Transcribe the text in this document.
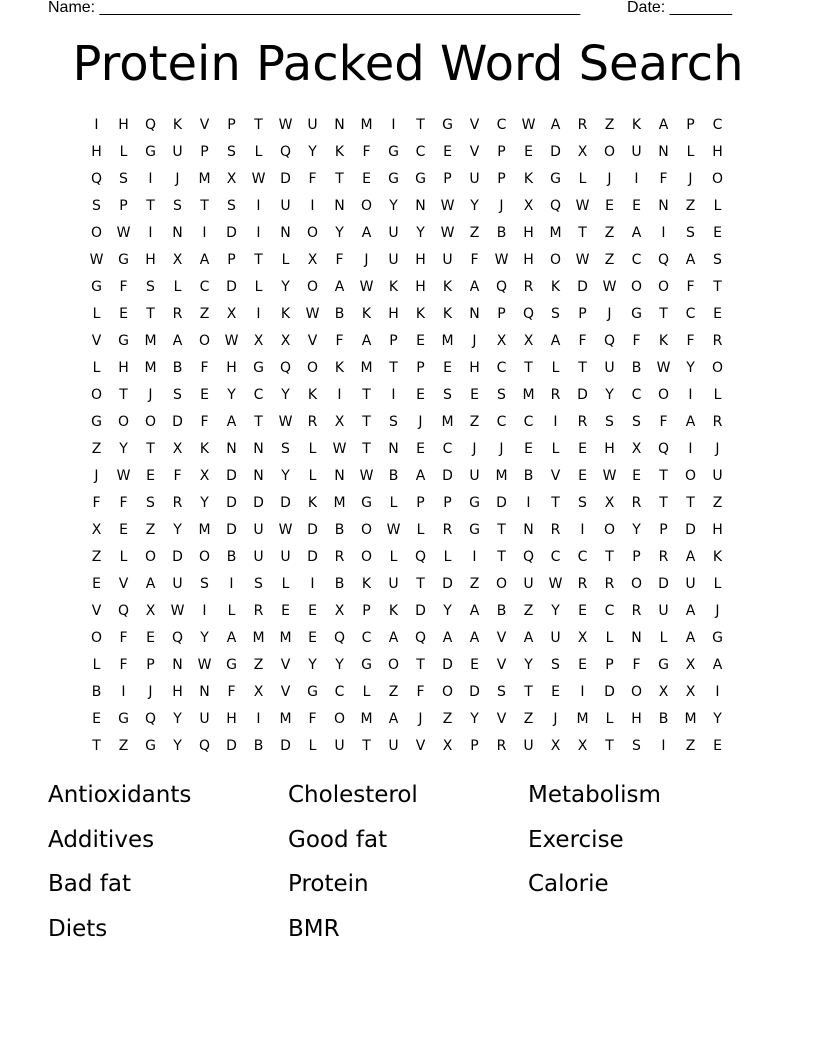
Name: ______________________________________________________	Date: _______
Protein Packed Word Search
I	H	Q	K	V	P	T	W	U	N	M	I	T	G	V	C	W	A	R	Z	K	A	P	C
H	L	G	U	P	S	L	Q	Y	K	F	G	C	E	V	P	E	D	X	O	U	N	L	H
Q	S	I	J	M	X	W	D	F	T	E	G	G	P	U	P	K	G	L	J	I	F	J	O
S	P	T	S	T	S	I	U	I	N	O	Y	N	W	Y	J	X	Q	W	E	E	N	Z	L
O	W	I	N	I	D	I	N	O	Y	A	U	Y	W	Z	B	H	M	T	Z	A	I	S	E
W	G	H	X	A	P	T	L	X	F	J	U	H	U	F	W	H	O	W	Z	C	Q	A	S
G	F	S	L	C	D	L	Y	O	A	W	K	H	K	A	Q	R	K	D	W	O	O	F	T
L	E	T	R	Z	X	I	K	W	B	K	H	K	K	N	P	Q	S	P	J	G	T	C	E
V	G	M	A	O	W	X	X	V	F	A	P	E	M	J	X	X	A	F	Q	F	K	F	R
L	H	M	B	F	H	G	Q	O	K	M	T	P	E	H	C	T	L	T	U	B	W	Y	O
O	T	J	S	E	Y	C	Y	K	I	T	I	E	S	E	S	M	R	D	Y	C	O	I	L
G	O	O	D	F	A	T	W	R	X	T	S	J	M	Z	C	C	I	R	S	S	F	A	R
Z	Y	T	X	K	N	N	S	L	W	T	N	E	C	J	J	E	L	E	H	X	Q	I	J
J	W	E	F	X	D	N	Y	L	N	W	B	A	D	U	M	B	V	E	W	E	T	O	U
F	F	S	R	Y	D	D	D	K	M	G	L	P	P	G	D	I	T	S	X	R	T	T	Z
X	E	Z	Y	M	D	U	W	D	B	O	W	L	R	G	T	N	R	I	O	Y	P	D	H
Z	L	O	D	O	B	U	U	D	R	O	L	Q	L	I	T	Q	C	C	T	P	R	A	K
E	V	A	U	S	I	S	L	I	B	K	U	T	D	Z	O	U	W	R	R	O	D	U	L
V	Q	X	W	I	L	R	E	E	X	P	K	D	Y	A	B	Z	Y	E	C	R	U	A	J
O	F	E	Q	Y	A	M	M	E	Q	C	A	Q	A	A	V	A	U	X	L	N	L	A	G
L	F	P	N	W	G	Z	V	Y	Y	G	O	T	D	E	V	Y	S	E	P	F	G	X	A
B	I	J	H	N	F	X	V	G	C	L	Z	F	O	D	S	T	E	I	D	O	X	X	I
E	G	Q	Y	U	H	I	M	F	O	M	A	J	Z	Y	V	Z	J	M	L	H	B	M	Y
T	Z	G	Y	Q	D	B	D	L	U	T	U	V	X	P	R	U	X	X	T	S	I	Z	E
Antioxidants	Cholesterol	Metabolism
Additives	Good fat	Exercise
Bad fat	Protein	Calorie
Diets	BMR
